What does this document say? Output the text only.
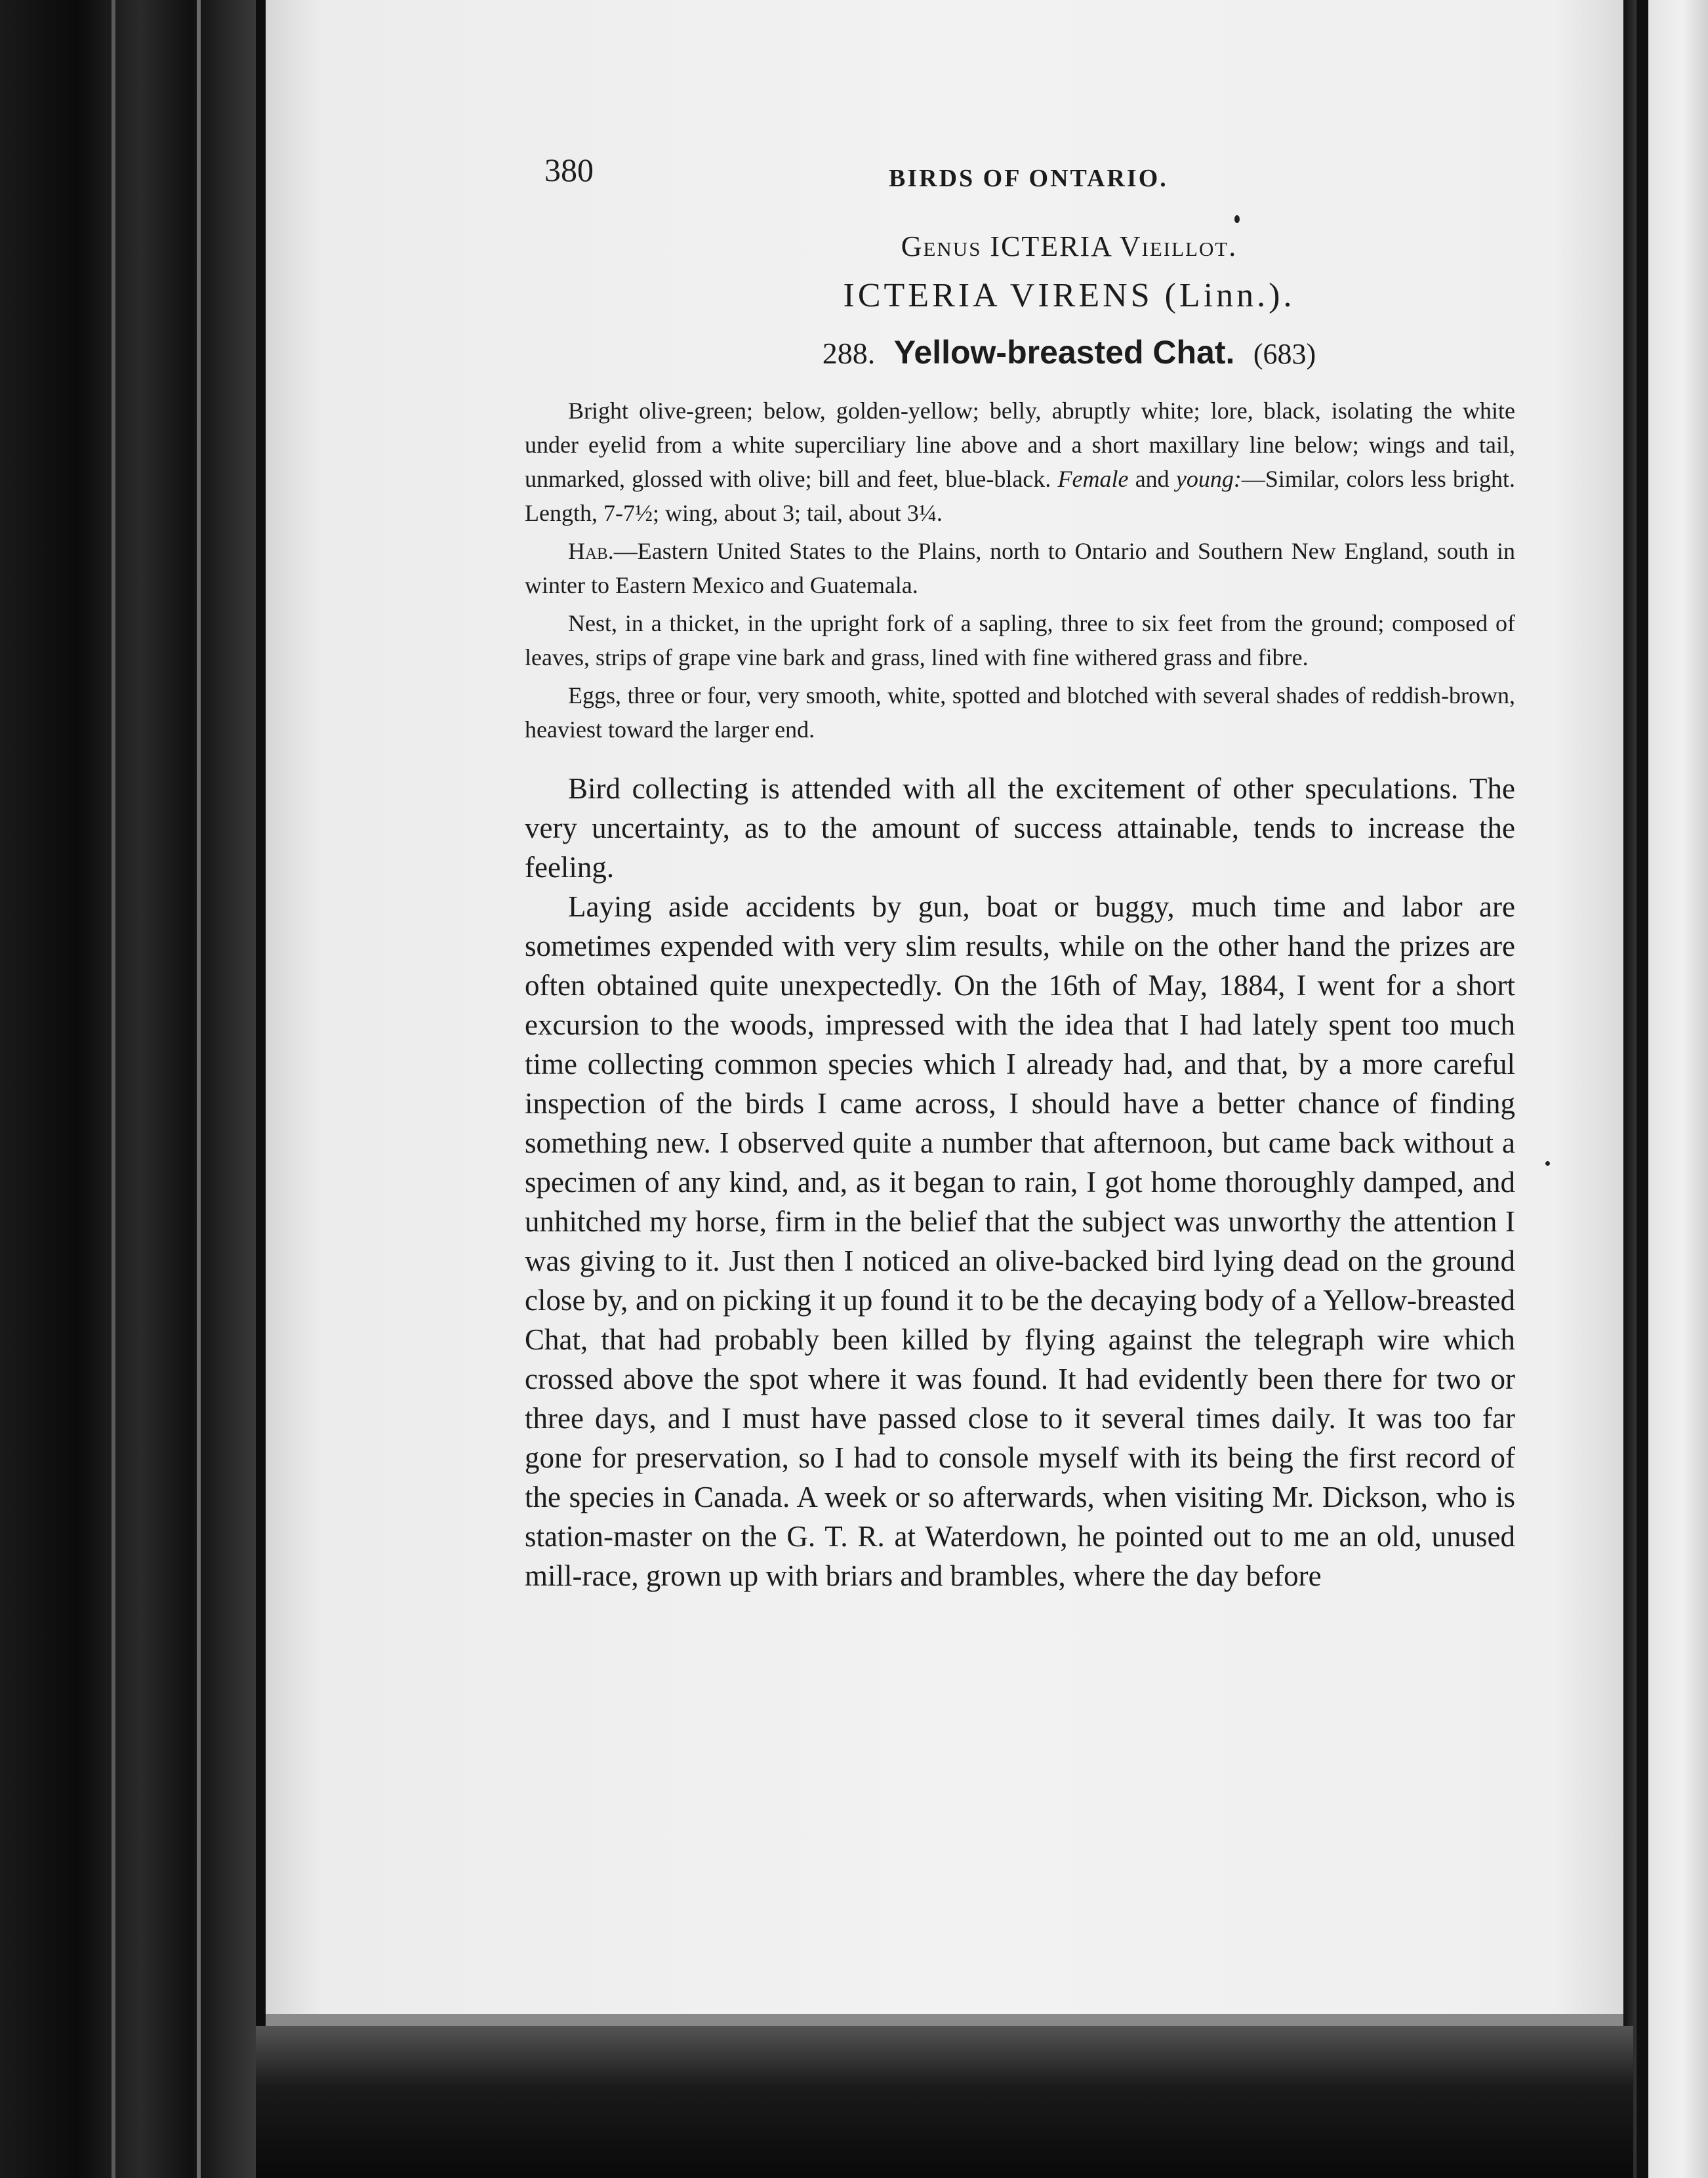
380	BIRDS OF ONTARIO.
Genus ICTERIA Vieillot.
ICTERIA VIRENS (Linn.).
288. Yellow-breasted Chat. (683)

Bright olive-green; below, golden-yellow; belly, abruptly white; lore, black, isolating the white under eyelid from a white superciliary line above and a short maxillary line below; wings and tail, unmarked, glossed with olive; bill and feet, blue-black. Female and young:—Similar, colors less bright. Length, 7-7½; wing, about 3; tail, about 3¼.

Hab.—Eastern United States to the Plains, north to Ontario and Southern New England, south in winter to Eastern Mexico and Guatemala.

Nest, in a thicket, in the upright fork of a sapling, three to six feet from the ground; composed of leaves, strips of grape vine bark and grass, lined with fine withered grass and fibre.

Eggs, three or four, very smooth, white, spotted and blotched with several shades of reddish-brown, heaviest toward the larger end.

Bird collecting is attended with all the excitement of other speculations. The very uncertainty, as to the amount of success attainable, tends to increase the feeling.

Laying aside accidents by gun, boat or buggy, much time and labor are sometimes expended with very slim results, while on the other hand the prizes are often obtained quite unexpectedly. On the 16th of May, 1884, I went for a short excursion to the woods, impressed with the idea that I had lately spent too much time collecting common species which I already had, and that, by a more careful inspection of the birds I came across, I should have a better chance of finding something new. I observed quite a number that afternoon, but came back without a specimen of any kind, and, as it began to rain, I got home thoroughly damped, and unhitched my horse, firm in the belief that the subject was unworthy the attention I was giving to it. Just then I noticed an olive-backed bird lying dead on the ground close by, and on picking it up found it to be the decaying body of a Yellow-breasted Chat, that had probably been killed by flying against the telegraph wire which crossed above the spot where it was found. It had evidently been there for two or three days, and I must have passed close to it several times daily. It was too far gone for preservation, so I had to console myself with its being the first record of the species in Canada. A week or so afterwards, when visiting Mr. Dickson, who is station-master on the G. T. R. at Waterdown, he pointed out to me an old, unused mill-race, grown up with briars and brambles, where the day before
